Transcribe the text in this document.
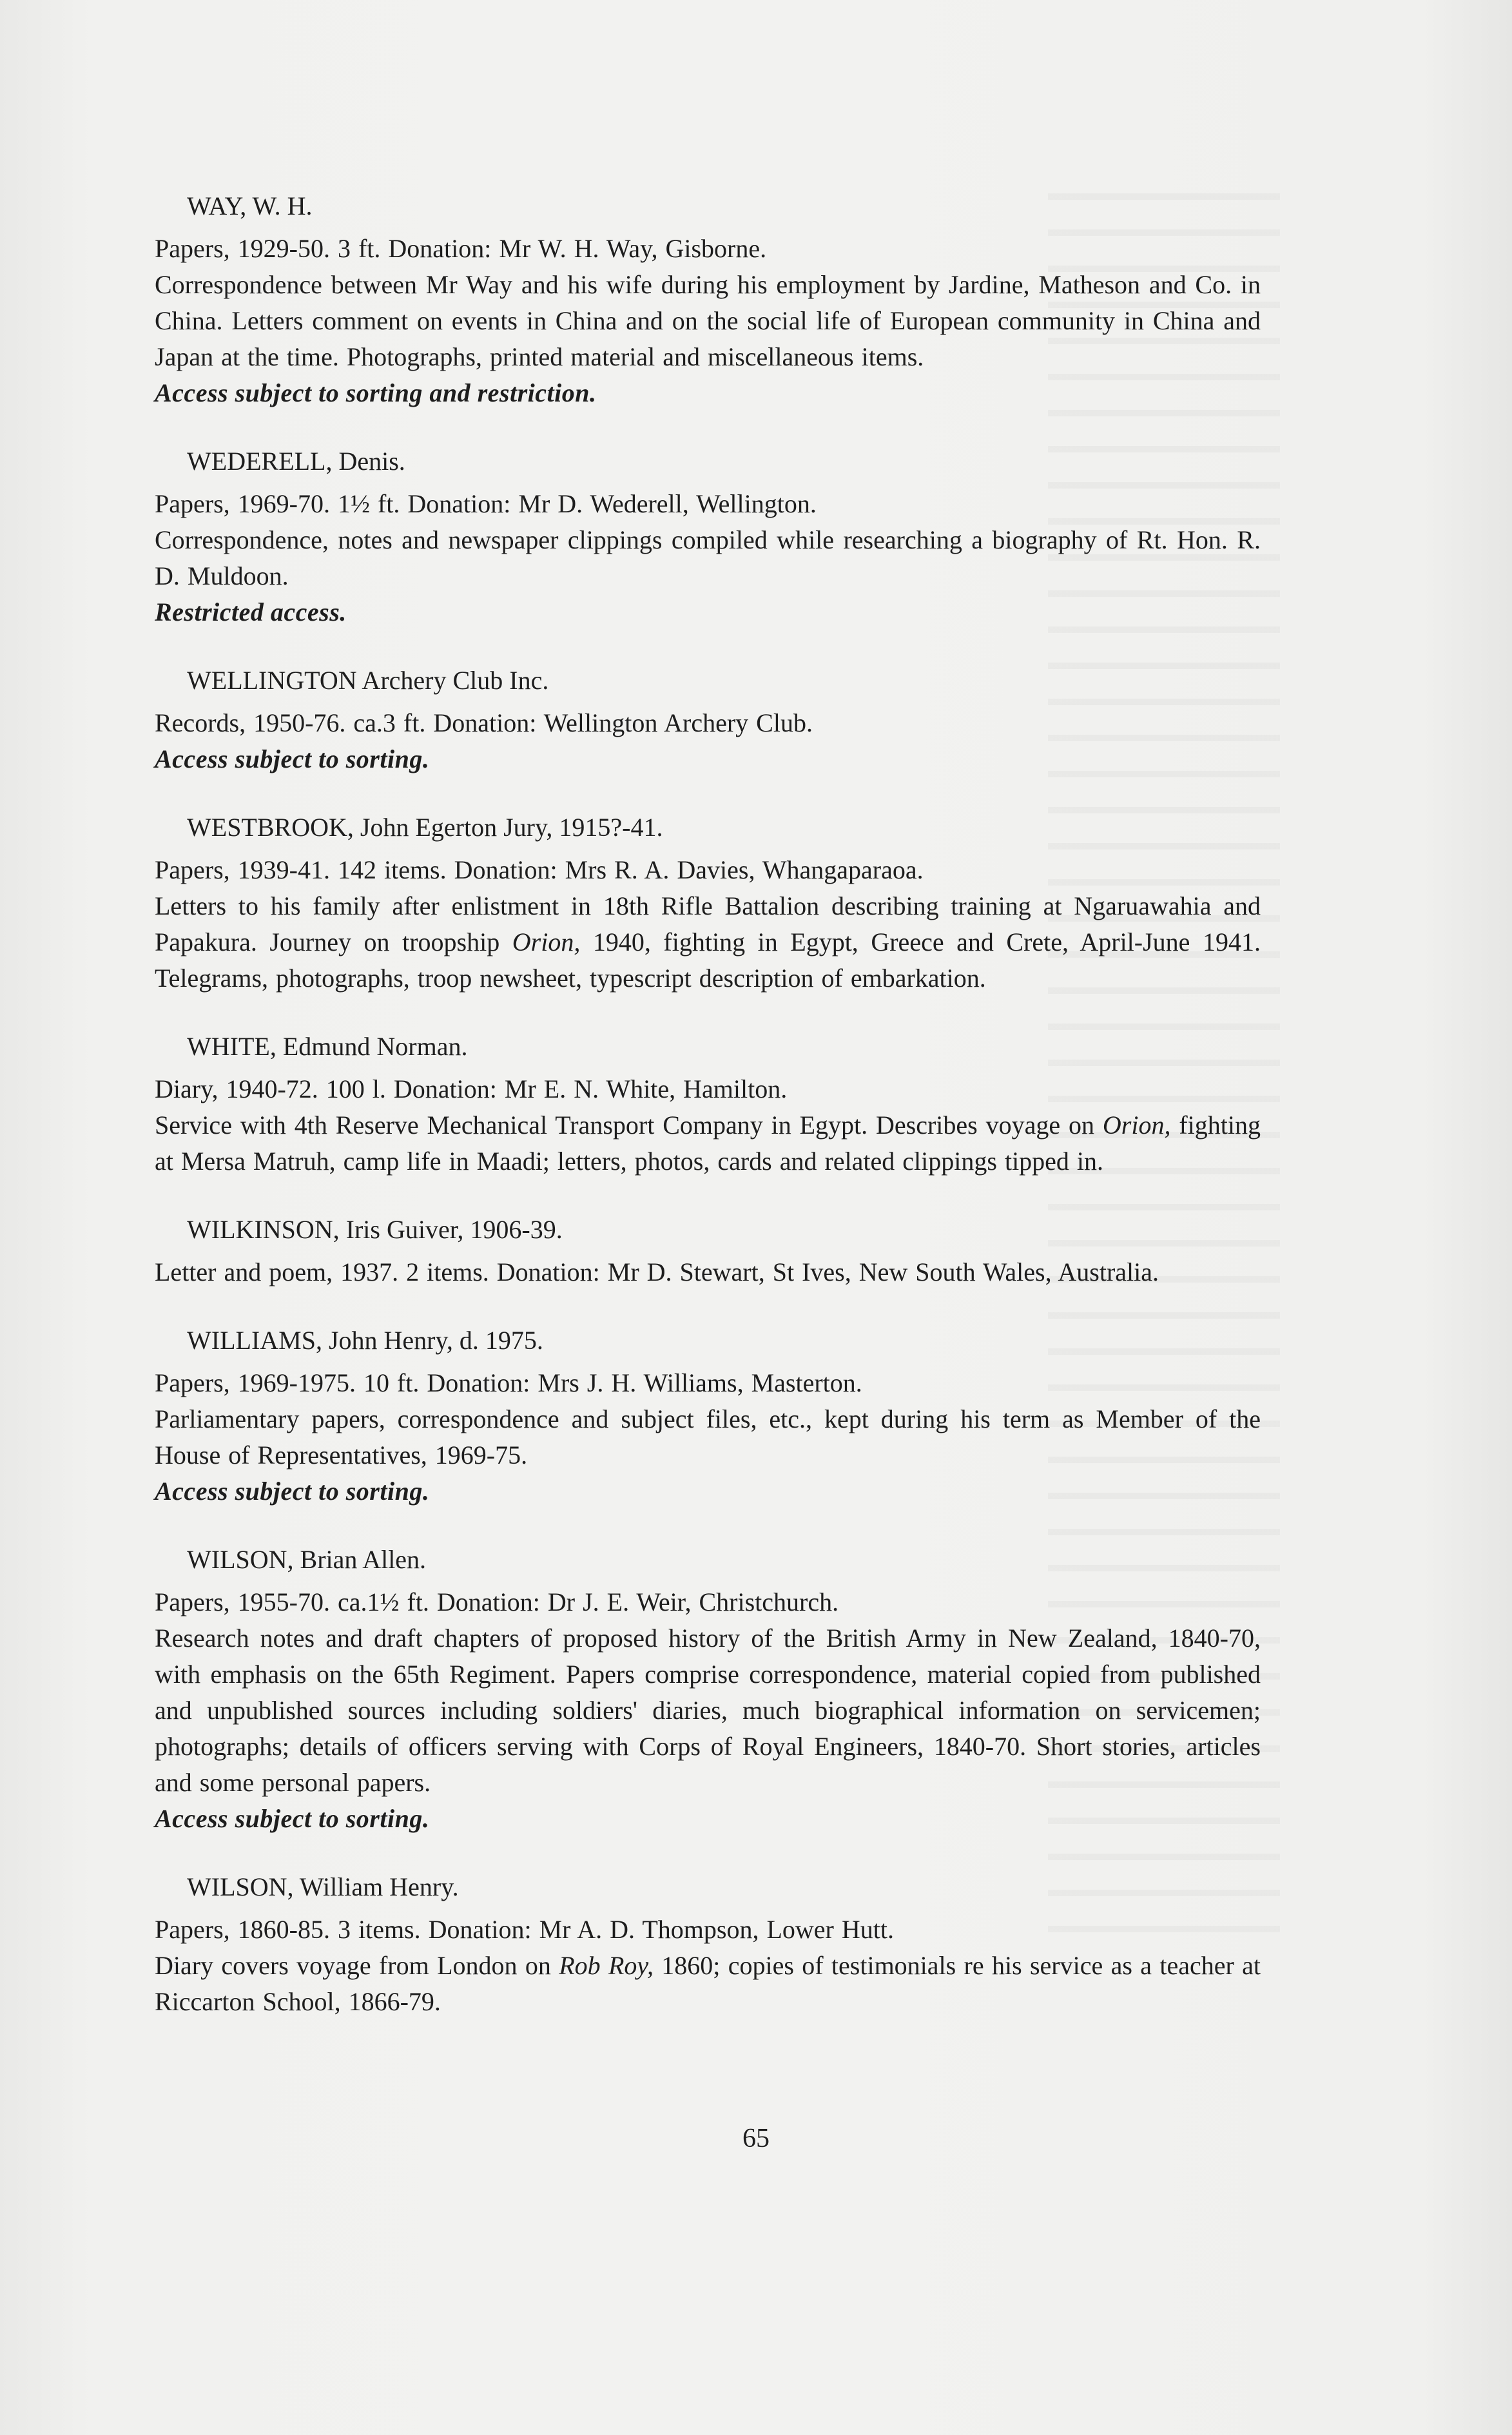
WAY, W. H.

Papers, 1929-50. 3 ft. Donation: Mr W. H. Way, Gisborne.

Correspondence between Mr Way and his wife during his employment by Jardine, Matheson and Co. in China. Letters comment on events in China and on the social life of European community in China and Japan at the time. Photographs, printed material and miscellaneous items.

Access subject to sorting and restriction.

WEDERELL, Denis.

Papers, 1969-70. 1½ ft. Donation: Mr D. Wederell, Wellington.

Correspondence, notes and newspaper clippings compiled while researching a biography of Rt. Hon. R. D. Muldoon.

Restricted access.

WELLINGTON Archery Club Inc.

Records, 1950-76. ca.3 ft. Donation: Wellington Archery Club.

Access subject to sorting.

WESTBROOK, John Egerton Jury, 1915?-41.

Papers, 1939-41. 142 items. Donation: Mrs R. A. Davies, Whangaparaoa.

Letters to his family after enlistment in 18th Rifle Battalion describing training at Ngaruawahia and Papakura. Journey on troopship Orion, 1940, fighting in Egypt, Greece and Crete, April-June 1941. Telegrams, photographs, troop newsheet, typescript description of embarkation.

WHITE, Edmund Norman.

Diary, 1940-72. 100 l. Donation: Mr E. N. White, Hamilton.

Service with 4th Reserve Mechanical Transport Company in Egypt. Describes voyage on Orion, fighting at Mersa Matruh, camp life in Maadi; letters, photos, cards and related clippings tipped in.

WILKINSON, Iris Guiver, 1906-39.

Letter and poem, 1937. 2 items. Donation: Mr D. Stewart, St Ives, New South Wales, Australia.

WILLIAMS, John Henry, d. 1975.

Papers, 1969-1975. 10 ft. Donation: Mrs J. H. Williams, Masterton.

Parliamentary papers, correspondence and subject files, etc., kept during his term as Member of the House of Representatives, 1969-75.

Access subject to sorting.

WILSON, Brian Allen.

Papers, 1955-70. ca.1½ ft. Donation: Dr J. E. Weir, Christchurch.

Research notes and draft chapters of proposed history of the British Army in New Zealand, 1840-70, with emphasis on the 65th Regiment. Papers comprise correspondence, material copied from published and unpublished sources including soldiers' diaries, much biographical information on servicemen; photographs; details of officers serving with Corps of Royal Engineers, 1840-70. Short stories, articles and some personal papers.

Access subject to sorting.

WILSON, William Henry.

Papers, 1860-85. 3 items. Donation: Mr A. D. Thompson, Lower Hutt.

Diary covers voyage from London on Rob Roy, 1860; copies of testimonials re his service as a teacher at Riccarton School, 1866-79.

65
